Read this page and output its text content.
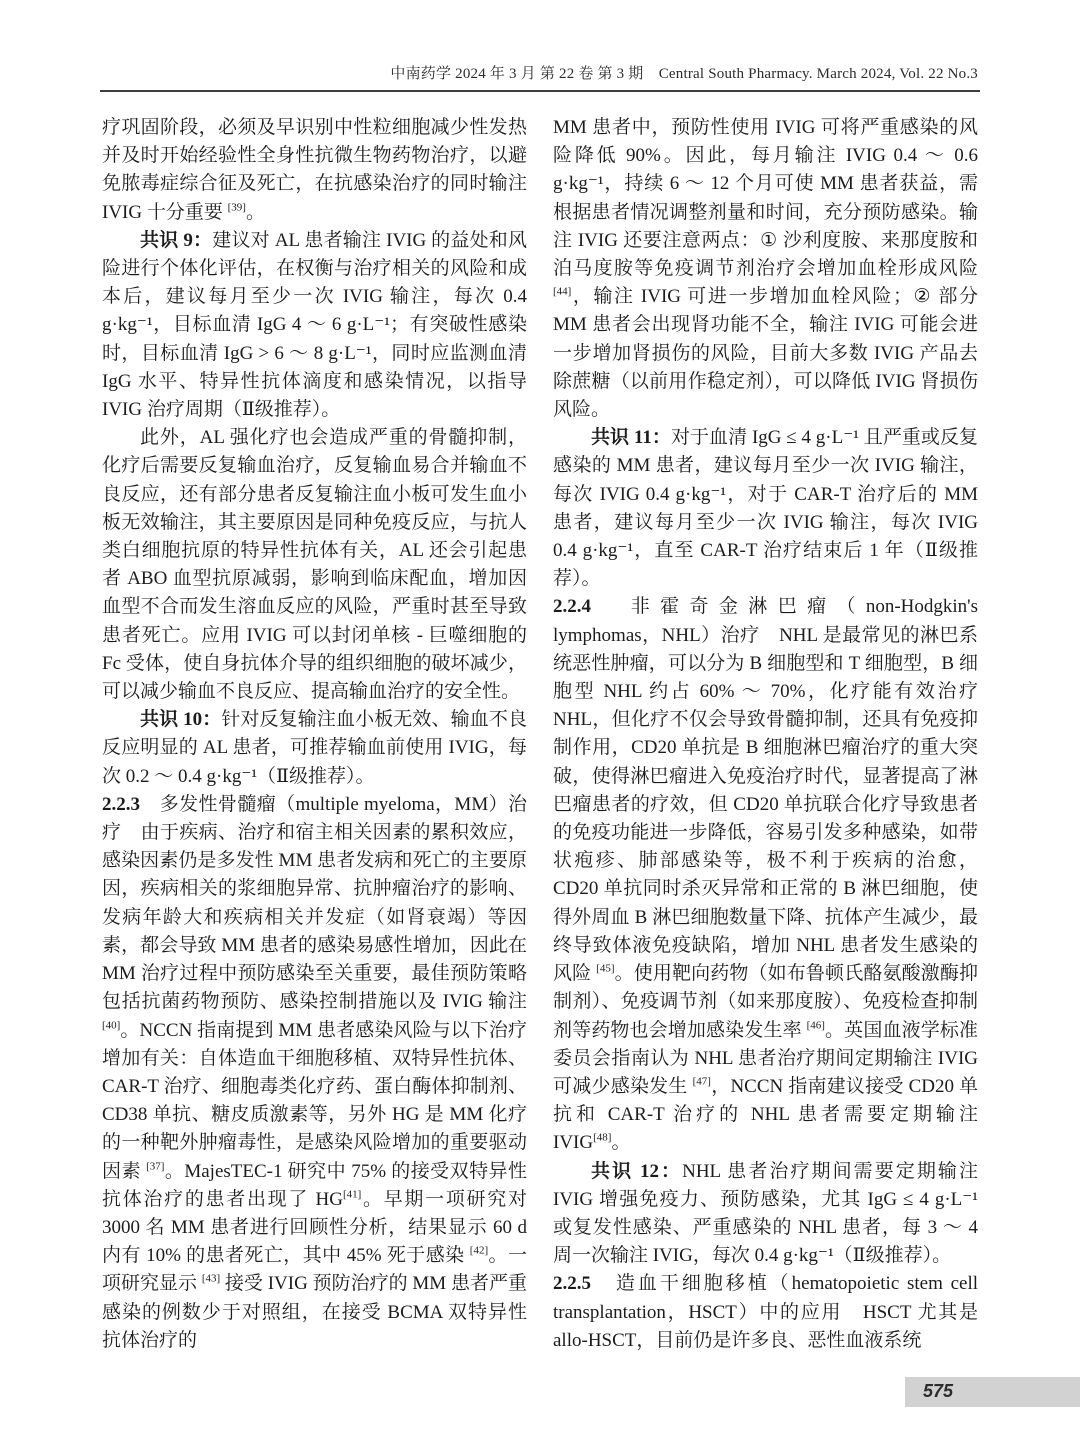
中南药学 2024 年 3 月 第 22 卷 第 3 期　Central South Pharmacy. March 2024, Vol. 22 No.3

疗巩固阶段，必须及早识别中性粒细胞减少性发热并及时开始经验性全身性抗微生物药物治疗，以避免脓毒症综合征及死亡，在抗感染治疗的同时输注 IVIG 十分重要 [39]。

共识 9：建议对 AL 患者输注 IVIG 的益处和风险进行个体化评估，在权衡与治疗相关的风险和成本后，建议每月至少一次 IVIG 输注，每次 0.4 g·kg⁻¹，目标血清 IgG 4 ～ 6 g·L⁻¹；有突破性感染时，目标血清 IgG > 6 ～ 8 g·L⁻¹，同时应监测血清 IgG 水平、特异性抗体滴度和感染情况，以指导 IVIG 治疗周期（Ⅱ级推荐）。

此外，AL 强化疗也会造成严重的骨髓抑制，化疗后需要反复输血治疗，反复输血易合并输血不良反应，还有部分患者反复输注血小板可发生血小板无效输注，其主要原因是同种免疫反应，与抗人类白细胞抗原的特异性抗体有关，AL 还会引起患者 ABO 血型抗原减弱，影响到临床配血，增加因血型不合而发生溶血反应的风险，严重时甚至导致患者死亡。应用 IVIG 可以封闭单核 - 巨噬细胞的 Fc 受体，使自身抗体介导的组织细胞的破坏减少，可以减少输血不良反应、提高输血治疗的安全性。

共识 10：针对反复输注血小板无效、输血不良反应明显的 AL 患者，可推荐输血前使用 IVIG，每次 0.2 ～ 0.4 g·kg⁻¹（Ⅱ级推荐）。

2.2.3　多发性骨髓瘤（multiple myeloma，MM）治疗　由于疾病、治疗和宿主相关因素的累积效应，感染因素仍是多发性 MM 患者发病和死亡的主要原因，疾病相关的浆细胞异常、抗肿瘤治疗的影响、发病年龄大和疾病相关并发症（如肾衰竭）等因素，都会导致 MM 患者的感染易感性增加，因此在 MM 治疗过程中预防感染至关重要，最佳预防策略包括抗菌药物预防、感染控制措施以及 IVIG 输注 [40]。NCCN 指南提到 MM 患者感染风险与以下治疗增加有关：自体造血干细胞移植、双特异性抗体、CAR-T 治疗、细胞毒类化疗药、蛋白酶体抑制剂、CD38 单抗、糖皮质激素等，另外 HG 是 MM 化疗的一种靶外肿瘤毒性，是感染风险增加的重要驱动因素 [37]。MajesTEC-1 研究中 75% 的接受双特异性抗体治疗的患者出现了 HG[41]。早期一项研究对 3000 名 MM 患者进行回顾性分析，结果显示 60 d 内有 10% 的患者死亡，其中 45% 死于感染 [42]。一项研究显示 [43] 接受 IVIG 预防治疗的 MM 患者严重感染的例数少于对照组，在接受 BCMA 双特异性抗体治疗的

MM 患者中，预防性使用 IVIG 可将严重感染的风险降低 90%。因此，每月输注 IVIG 0.4 ～ 0.6 g·kg⁻¹，持续 6 ～ 12 个月可使 MM 患者获益，需根据患者情况调整剂量和时间，充分预防感染。输注 IVIG 还要注意两点：① 沙利度胺、来那度胺和泊马度胺等免疫调节剂治疗会增加血栓形成风险 [44]，输注 IVIG 可进一步增加血栓风险；② 部分 MM 患者会出现肾功能不全，输注 IVIG 可能会进一步增加肾损伤的风险，目前大多数 IVIG 产品去除蔗糖（以前用作稳定剂），可以降低 IVIG 肾损伤风险。

共识 11：对于血清 IgG ≤ 4 g·L⁻¹ 且严重或反复感染的 MM 患者，建议每月至少一次 IVIG 输注，每次 IVIG 0.4 g·kg⁻¹，对于 CAR-T 治疗后的 MM 患者，建议每月至少一次 IVIG 输注，每次 IVIG 0.4 g·kg⁻¹，直至 CAR-T 治疗结束后 1 年（Ⅱ级推荐）。

2.2.4　非霍奇金淋巴瘤（non-Hodgkin's lymphomas，NHL）治疗　NHL 是最常见的淋巴系统恶性肿瘤，可以分为 B 细胞型和 T 细胞型，B 细胞型 NHL 约占 60% ～ 70%，化疗能有效治疗 NHL，但化疗不仅会导致骨髓抑制，还具有免疫抑制作用，CD20 单抗是 B 细胞淋巴瘤治疗的重大突破，使得淋巴瘤进入免疫治疗时代，显著提高了淋巴瘤患者的疗效，但 CD20 单抗联合化疗导致患者的免疫功能进一步降低，容易引发多种感染，如带状疱疹、肺部感染等，极不利于疾病的治愈，CD20 单抗同时杀灭异常和正常的 B 淋巴细胞，使得外周血 B 淋巴细胞数量下降、抗体产生减少，最终导致体液免疫缺陷，增加 NHL 患者发生感染的风险 [45]。使用靶向药物（如布鲁顿氏酪氨酸激酶抑制剂）、免疫调节剂（如来那度胺）、免疫检查抑制剂等药物也会增加感染发生率 [46]。英国血液学标准委员会指南认为 NHL 患者治疗期间定期输注 IVIG 可减少感染发生 [47]，NCCN 指南建议接受 CD20 单抗和 CAR-T 治疗的 NHL 患者需要定期输注 IVIG[48]。

共识 12：NHL 患者治疗期间需要定期输注 IVIG 增强免疫力、预防感染，尤其 IgG ≤ 4 g·L⁻¹ 或复发性感染、严重感染的 NHL 患者，每 3 ～ 4 周一次输注 IVIG，每次 0.4 g·kg⁻¹（Ⅱ级推荐）。

2.2.5　造血干细胞移植（hematopoietic stem cell transplantation，HSCT）中的应用　HSCT 尤其是 allo-HSCT，目前仍是许多良、恶性血液系统

575
